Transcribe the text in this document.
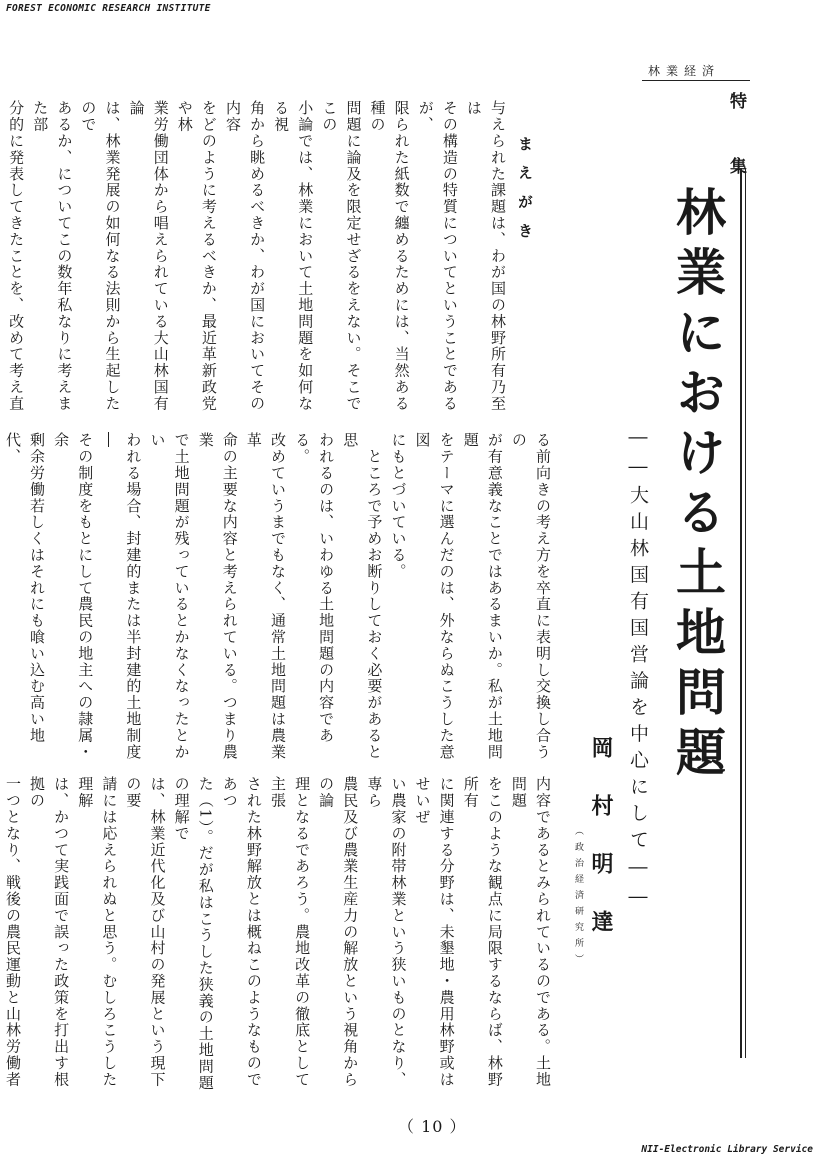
FOREST ECONOMIC RESEARCH INSTITUTE
林業経済
特集
林業における土地問題
――大山林国有国営論を中心にして――
岡村明達
（政治経済研究所）
まえがき
与えられた課題は、わが国の林野所有乃至は
その構造の特質についてということであるが、
限られた紙数で纏めるためには、当然ある種の
問題に論及を限定せざるをえない。そこでこの
小論では、林業において土地問題を如何なる視
角から眺めるべきか、わが国においてその内容
をどのように考えるべきか、最近革新政党や林
業労働団体から唱えられている大山林国有論
は、林業発展の如何なる法則から生起したので
あるか、についてこの数年私なりに考えまた部
分的に発表してきたことを、改めて考え直
る前向きの考え方を卒直に表明し交換し合うの
が有意義なことではあるまいか。私が土地問題
をテーマに選んだのは、外ならぬこうした意図
にもとづいている。
　ところで予めお断りしておく必要があると思
われるのは、いわゆる土地問題の内容である。
改めていうまでもなく、通常土地問題は農業革
命の主要な内容と考えられている。つまり農業
で土地問題が残っているとかなくなったとかい
われる場合、封建的または半封建的土地制度―
その制度をもとにして農民の地主への隷属・余
剰余労働若しくはそれにも喰い込む高い地代、
内容であるとみられているのである。土地問題
をこのような観点に局限するならば、林野所有
に関連する分野は、未墾地・農用林野或はせいぜ
い農家の附帯林業という狭いものとなり、専ら
農民及び農業生産力の解放という視角からの論
理となるであろう。農地改革の徹底として主張
された林野解放とは概ねこのようなものであつ
た（1）。だが私はこうした狭義の土地問題の理解で
は、林業近代化及び山村の発展という現下の要
請には応えられぬと思う。むしろこうした理解
は、かつて実践面で誤った政策を打出す根拠の
一つとなり、戦後の農民運動と山林労働者
（ 10 ）
NII-Electronic Library Service
